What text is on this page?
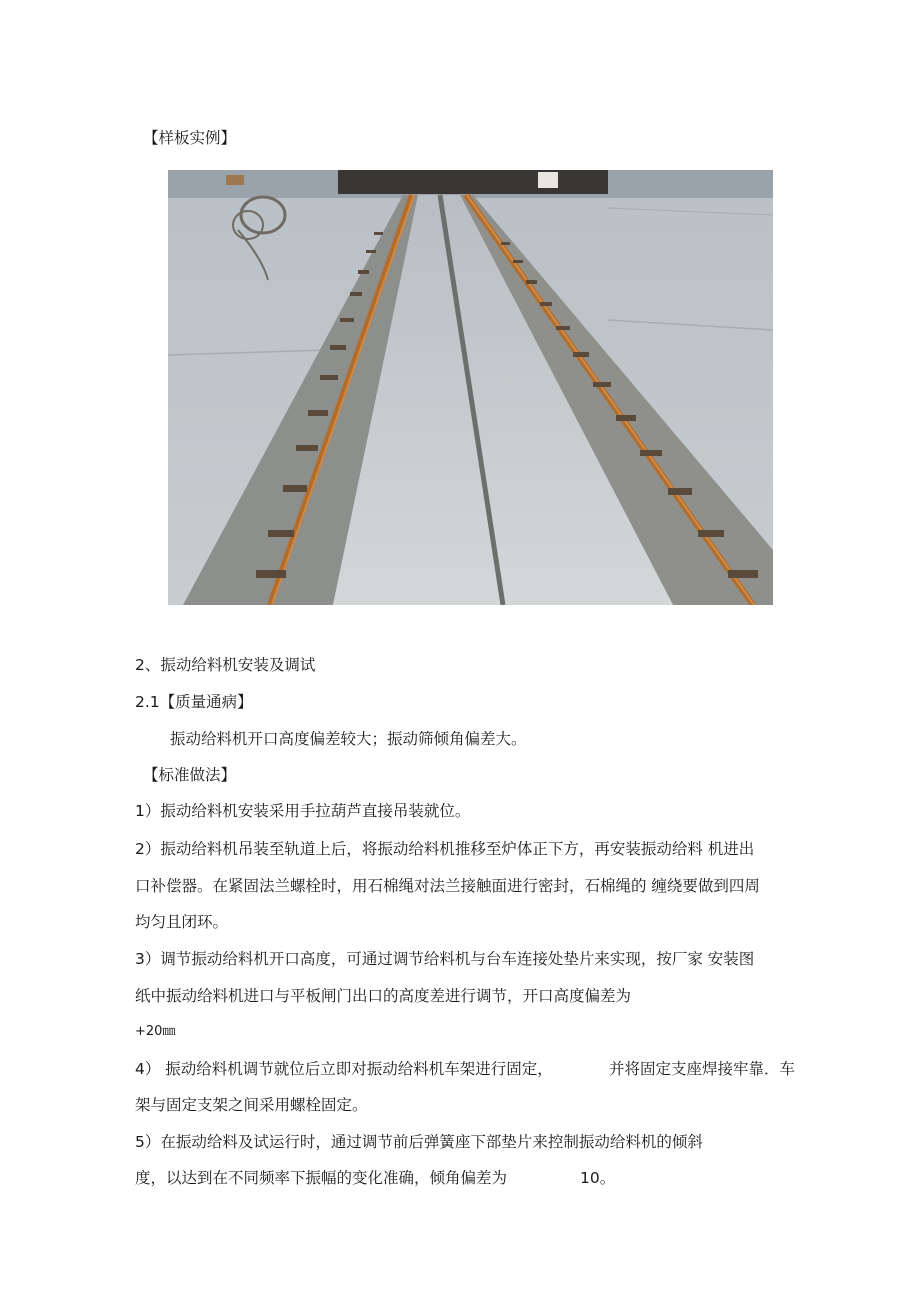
【样板实例】
2、振动给料机安装及调试
2.1【质量通病】
振动给料机开口高度偏差较大；振动筛倾角偏差大。
【标准做法】
1）振动给料机安装采用手拉葫芦直接吊装就位。
2）振动给料机吊装至轨道上后，将振动给料机推移至炉体正下方，再安装振动给料 机进出
口补偿器。在紧固法兰螺栓时，用石棉绳对法兰接触面进行密封，石棉绳的 缠绕要做到四周
均匀且闭环。
3）调节振动给料机开口高度，可通过调节给料机与台车连接处垫片来实现，按厂家 安装图
纸中振动给料机进口与平板闸门出口的高度差进行调节，开口高度偏差为
+20㎜
4） 振动给料机调节就位后立即对振动给料机车架进行固定，	并将固定支座焊接牢靠．车
架与固定支架之间采用螺栓固定。
5）在振动给料及试运行时，通过调节前后弹簧座下部垫片来控制振动给料机的倾斜
度，以达到在不同频率下振幅的变化准确，倾角偏差为	10。
